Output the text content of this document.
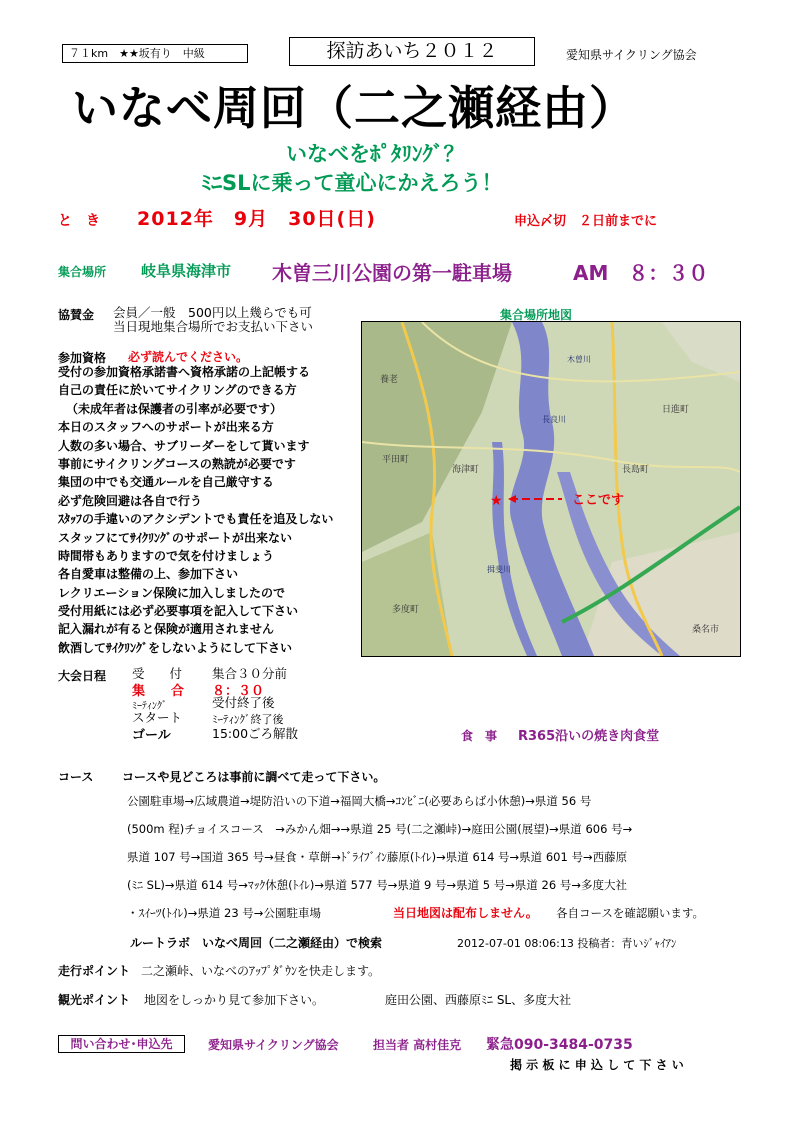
７１km　★★坂有り　中級	探訪あいち２０１２	愛知県サイクリング協会
いなべ周回（二之瀬経由）
いなべをﾎﾟﾀﾘﾝｸﾞ？
ﾐﾆSLに乗って童心にかえろう！
と　き 2012年　9月　30日(日)	申込〆切　２日前までに
集合場所 岐阜県海津市 木曽三川公園の第一駐車場	AM　８：３０
協賛金 会員／一般　500円以上幾らでも可
当日現地集合場所でお支払い下さい
参加資格 必ず読んでください。
受付の参加資格承諾書へ資格承諾の上記帳する
自己の責任に於いてサイクリングのできる方
（未成年者は保護者の引率が必要です）
本日のスタッフへのサポートが出来る方
人数の多い場合、サブリーダーをして貰います
事前にサイクリングコースの熟読が必要です
集団の中でも交通ルールを自己厳守する
必ず危険回避は各自で行う
ｽﾀｯﾌの手違いのアクシデントでも責任を追及しない
スタッフにてｻｲｸﾘﾝｸﾞのサポートが出来ない
時間帯もありますので気を付けましょう
各自愛車は整備の上、参加下さい
レクリエーション保険に加入しましたので
受付用紙には必ず必要事項を記入して下さい
記入漏れが有ると保険が適用されません
飲酒してｻｲｸﾘﾝｸﾞをしないようにして下さい
集合場所地図
養老
日進町
海津町
平田町
長島町
多度町
桑名市
木曽川
長良川
揖斐川
★	ここです
大会日程 受　　付 集合３０分前
集　　合 ８：３０
ﾐｰﾃｨﾝｸﾞ	受付終了後
スタート	ﾐｰﾃｨﾝｸﾞ終了後
ゴール	15:00ごろ解散	食　事 R365沿いの焼き肉食堂
コース コースや見どころは事前に調べて走って下さい。
公園駐車場→広域農道→堤防沿いの下道→福岡大橋→ｺﾝﾋﾞﾆ(必要あらば小休憩)→県道 56 号
(500m 程)チョイスコース　→みかん畑→→県道 25 号(二之瀬峠)→庭田公園(展望)→県道 606 号→
県道 107 号→国道 365 号→昼食・草餅→ﾄﾞﾗｲﾌﾞｲﾝ藤原(ﾄｲﾚ)→県道 614 号→県道 601 号→西藤原
(ﾐﾆ SL)→県道 614 号→ﾏｯｸ休憩(ﾄｲﾚ)→県道 577 号→県道 9 号→県道 5 号→県道 26 号→多度大社
・ｽｲｰﾂ(ﾄｲﾚ)→県道 23 号→公園駐車場	当日地図は配布しません。 各自コースを確認願います。
ルートラボ　いなべ周回（二之瀬経由）で検索	2012-07-01 08:06:13 投稿者：青いｼﾞｬｲｱﾝ
走行ポイント 二之瀬峠、いなべのｱｯﾌﾟﾀﾞｳﾝを快走します。
観光ポイント 地図をしっかり見て参加下さい。	庭田公園、西藤原ﾐﾆ SL、多度大社
問い合わせ･申込先	愛知県サイクリング協会	担当者 高村佳克 緊急090-3484-0735
掲 示 板 に 申 込 し て 下 さ い
